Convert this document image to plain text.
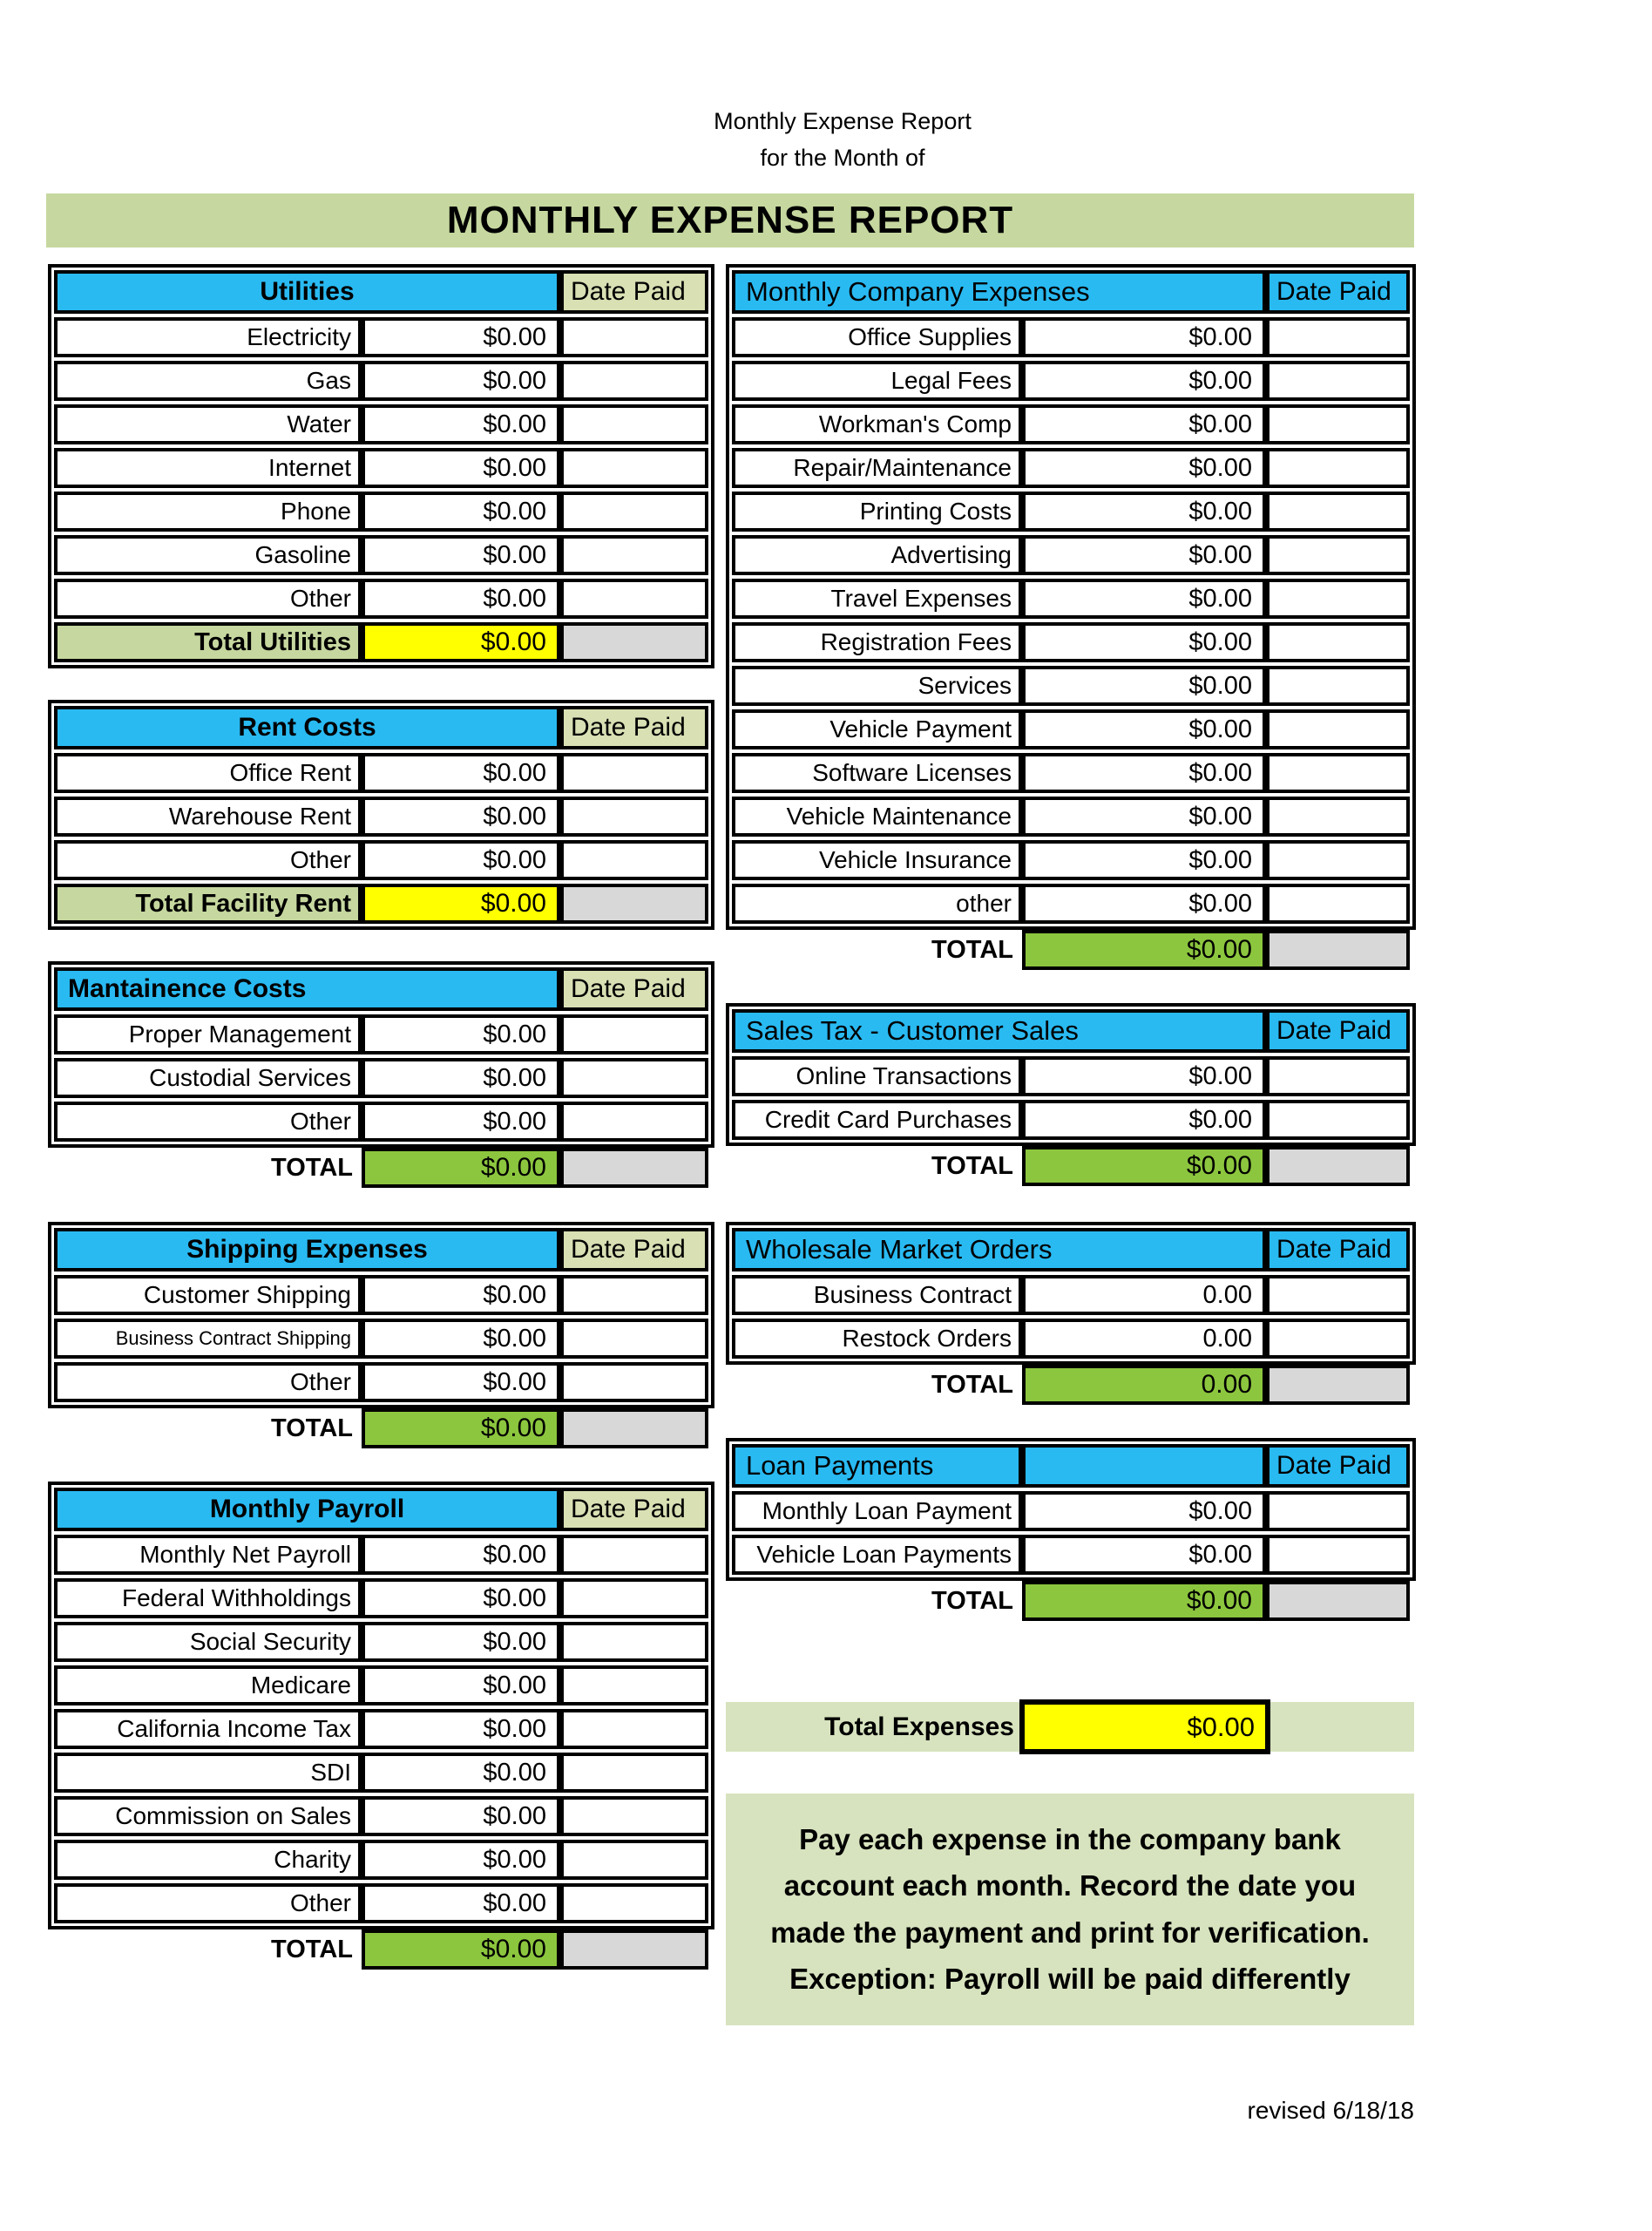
Monthly Expense Report
for the Month of
MONTHLY EXPENSE REPORT
Utilities	Date Paid
Electricity	$0.00
Gas	$0.00
Water	$0.00
Internet	$0.00
Phone	$0.00
Gasoline	$0.00
Other	$0.00
Total Utilities	$0.00
Rent Costs	Date Paid
Office Rent	$0.00
Warehouse Rent	$0.00
Other	$0.00
Total Facility Rent	$0.00
Mantainence Costs	Date Paid
Proper Management	$0.00
Custodial Services	$0.00
Other	$0.00
TOTAL	$0.00
Shipping Expenses	Date Paid
Customer Shipping	$0.00
Business Contract Shipping	$0.00
Other	$0.00
TOTAL	$0.00
Monthly Payroll	Date Paid
Monthly Net Payroll	$0.00
Federal Withholdings	$0.00
Social Security	$0.00
Medicare	$0.00
California Income Tax	$0.00
SDI	$0.00
Commission on Sales	$0.00
Charity	$0.00
Other	$0.00
TOTAL	$0.00
Monthly Company Expenses	Date Paid
Office Supplies	$0.00
Legal Fees	$0.00
Workman's Comp	$0.00
Repair/Maintenance	$0.00
Printing Costs	$0.00
Advertising	$0.00
Travel Expenses	$0.00
Registration Fees	$0.00
Services	$0.00
Vehicle Payment	$0.00
Software Licenses	$0.00
Vehicle Maintenance	$0.00
Vehicle Insurance	$0.00
other	$0.00
TOTAL	$0.00
Sales Tax - Customer Sales	Date Paid
Online Transactions	$0.00
Credit Card Purchases	$0.00
TOTAL	$0.00
Wholesale Market Orders	Date Paid
Business Contract	0.00
Restock Orders	0.00
TOTAL	0.00
Loan Payments	Date Paid
Monthly Loan Payment	$0.00
Vehicle Loan Payments	$0.00
TOTAL	$0.00
Total Expenses	$0.00
Pay each expense in the company bank account each month. Record the date you made the payment and print for verification. Exception: Payroll will be paid differently
revised 6/18/18
